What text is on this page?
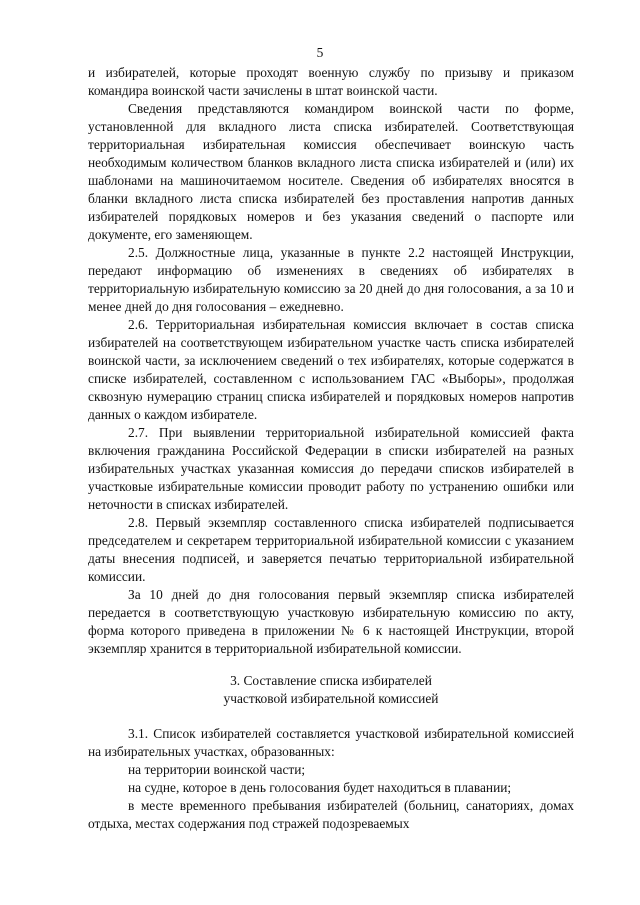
5

и избирателей, которые проходят военную службу по призыву и приказом командира воинской части зачислены в штат воинской части.

Сведения представляются командиром воинской части по форме, установленной для вкладного листа списка избирателей. Соответствующая территориальная избирательная комиссия обеспечивает воинскую часть необходимым количеством бланков вкладного листа списка избирателей и (или) их шаблонами на машиночитаемом носителе. Сведения об избирателях вносятся в бланки вкладного листа списка избирателей без проставления напротив данных избирателей порядковых номеров и без указания сведений о паспорте или документе, его заменяющем.

2.5. Должностные лица, указанные в пункте 2.2 настоящей Инструкции, передают информацию об изменениях в сведениях об избирателях в территориальную избирательную комиссию за 20 дней до дня голосования, а за 10 и менее дней до дня голосования – ежедневно.

2.6. Территориальная избирательная комиссия включает в состав списка избирателей на соответствующем избирательном участке часть списка избирателей воинской части, за исключением сведений о тех избирателях, которые содержатся в списке избирателей, составленном с использованием ГАС «Выборы», продолжая сквозную нумерацию страниц списка избирателей и порядковых номеров напротив данных о каждом избирателе.

2.7. При выявлении территориальной избирательной комиссией факта включения гражданина Российской Федерации в списки избирателей на разных избирательных участках указанная комиссия до передачи списков избирателей в участковые избирательные комиссии проводит работу по устранению ошибки или неточности в списках избирателей.

2.8. Первый экземпляр составленного списка избирателей подписывается председателем и секретарем территориальной избирательной комиссии с указанием даты внесения подписей, и заверяется печатью территориальной избирательной комиссии.

За 10 дней до дня голосования первый экземпляр списка избирателей передается в соответствующую участковую избирательную комиссию по акту, форма которого приведена в приложении № 6 к настоящей Инструкции, второй экземпляр хранится в территориальной избирательной комиссии.

3. Составление списка избирателей
участковой избирательной комиссией

3.1. Список избирателей составляется участковой избирательной комиссией на избирательных участках, образованных:

на территории воинской части;

на судне, которое в день голосования будет находиться в плавании;

в месте временного пребывания избирателей (больниц, санаториях, домах отдыха, местах содержания под стражей подозреваемых
